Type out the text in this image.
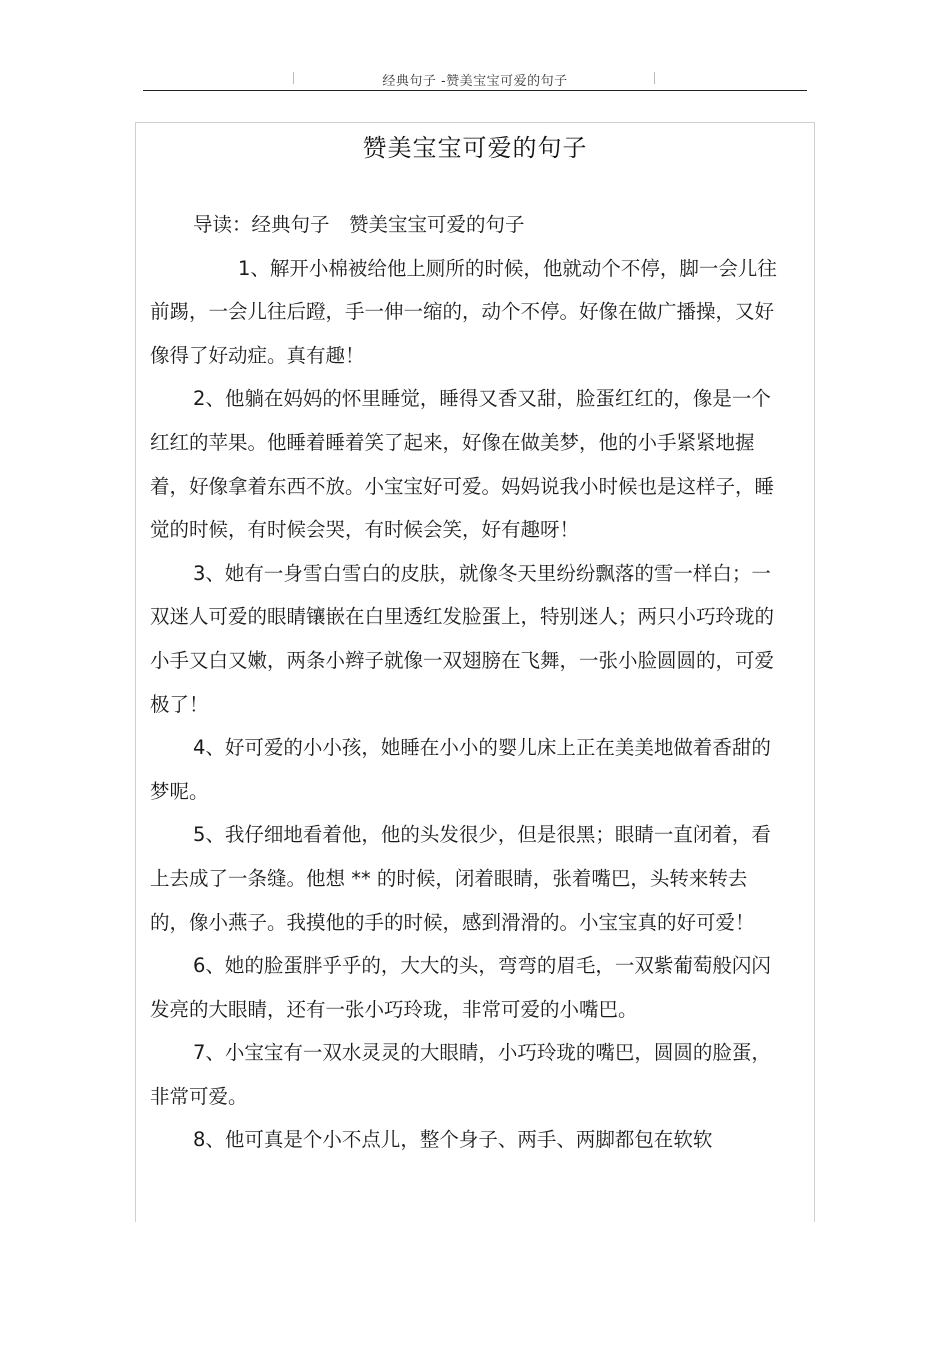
经典句子 -赞美宝宝可爱的句子
赞美宝宝可爱的句子

导读：经典句子　赞美宝宝可爱的句子

1、解开小棉被给他上厕所的时候，他就动个不停，脚一会儿往前踢，一会儿往后蹬，手一伸一缩的，动个不停。好像在做广播操，又好像得了好动症。真有趣！

2、他躺在妈妈的怀里睡觉，睡得又香又甜，脸蛋红红的，像是一个红红的苹果。他睡着睡着笑了起来，好像在做美梦，他的小手紧紧地握着，好像拿着东西不放。小宝宝好可爱。妈妈说我小时候也是这样子，睡觉的时候，有时候会哭，有时候会笑，好有趣呀！

3、她有一身雪白雪白的皮肤，就像冬天里纷纷飘落的雪一样白；一双迷人可爱的眼睛镶嵌在白里透红发脸蛋上，特别迷人；两只小巧玲珑的小手又白又嫩，两条小辫子就像一双翅膀在飞舞，一张小脸圆圆的，可爱极了！

4、好可爱的小小孩，她睡在小小的婴儿床上正在美美地做着香甜的梦呢。

5、我仔细地看着他，他的头发很少，但是很黑；眼睛一直闭着，看上去成了一条缝。他想 ** 的时候，闭着眼睛，张着嘴巴，头转来转去的，像小燕子。我摸他的手的时候，感到滑滑的。小宝宝真的好可爱！

6、她的脸蛋胖乎乎的，大大的头，弯弯的眉毛，一双紫葡萄般闪闪发亮的大眼睛，还有一张小巧玲珑，非常可爱的小嘴巴。

7、小宝宝有一双水灵灵的大眼睛，小巧玲珑的嘴巴，圆圆的脸蛋，非常可爱。

8、他可真是个小不点儿，整个身子、两手、两脚都包在软软
